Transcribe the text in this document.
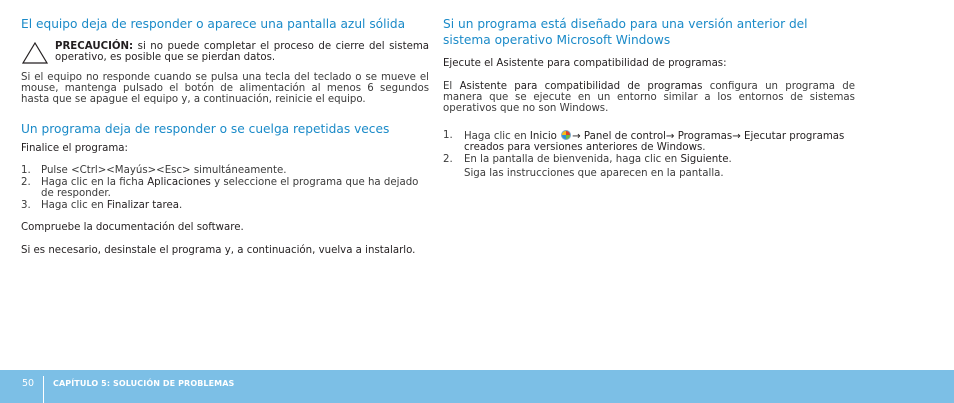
El equipo deja de responder o aparece una pantalla azul sólida

PRECAUCIÓN: si no puede completar el proceso de cierre del sistema operativo, es posible que se pierdan datos.

Si el equipo no responde cuando se pulsa una tecla del teclado o se mueve el mouse, mantenga pulsado el botón de alimentación al menos 6 segundos hasta que se apague el equipo y, a continuación, reinicie el equipo.

Un programa deja de responder o se cuelga repetidas veces

Finalice el programa:

1. Pulse <Ctrl><Mayús><Esc> simultáneamente.
2. Haga clic en la ficha Aplicaciones y seleccione el programa que ha dejado de responder.
3. Haga clic en Finalizar tarea.

Compruebe la documentación del software.

Si es necesario, desinstale el programa y, a continuación, vuelva a instalarlo.

Si un programa está diseñado para una versión anterior del sistema operativo Microsoft Windows

Ejecute el Asistente para compatibilidad de programas:

El Asistente para compatibilidad de programas configura un programa de manera que se ejecute en un entorno similar a los entornos de sistemas operativos que no son Windows.

1. Haga clic en Inicio → Panel de control→ Programas→ Ejecutar programas creados para versiones anteriores de Windows.
2. En la pantalla de bienvenida, haga clic en Siguiente.
Siga las instrucciones que aparecen en la pantalla.
50 CAPÍTULO 5: SOLUCIÓN DE PROBLEMAS
